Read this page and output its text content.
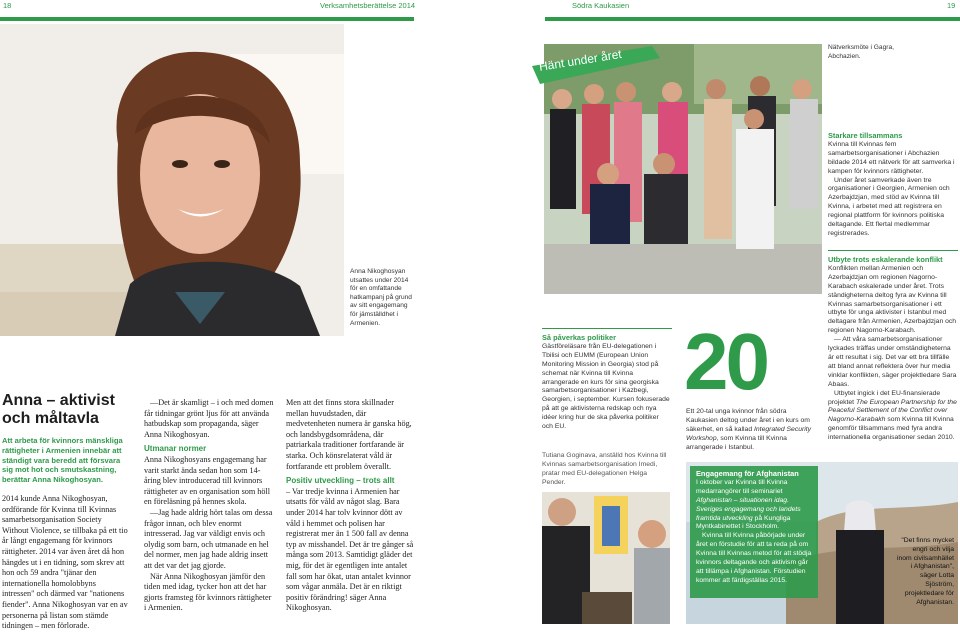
18	Verksamhetsberättelse 2014	Södra Kaukasien	19
Anna Nikoghosyan utsattes under 2014 för en omfattande hatkampanj på grund av sitt engagemang för jämställdhet i Armenien.
Anna – aktivist
och måltavla
Att arbeta för kvinnors mänskliga rättigheter i Armenien innebär att ständigt vara beredd att försvara sig mot hot och smutskastning, berättar Anna Nikoghosyan.

2014 kunde Anna Nikoghosyan, ordförande för Kvinna till Kvinnas samarbetsorganisation Society Without Violence, se tillbaka på ett tio år långt engagemang för kvinnors rättigheter. 2014 var även året då hon hängdes ut i en tidning, som skrev att hon och 59 andra "tjänar den internationella homolobbyns intressen" och därmed var "nationens fiender". Anna Nikoghosyan var en av personerna på listan som stämde tidningen – men förlorade.

—Det är skamligt – i och med domen får tidningar grönt ljus för att använda hatbudskap som propaganda, säger Anna Nikoghosyan.

Utmanar normer

Anna Nikoghosyans engagemang har varit starkt ända sedan hon som 14-åring blev introducerad till kvinnors rättigheter av en organisation som höll en föreläsning på hennes skola.

—Jag hade aldrig hört talas om dessa frågor innan, och blev enormt intresserad. Jag var väldigt envis och olydig som barn, och utmanade en hel del normer, men jag hade aldrig insett att det var det jag gjorde.

När Anna Nikoghosyan jämför den tiden med idag, tycker hon att det har gjorts framsteg för kvinnors rättigheter i Armenien.

Men att det finns stora skillnader mellan huvudstaden, där medvetenheten numera är ganska hög, och landsbygdsområdena, där patriarkala traditioner fortfarande är starka. Och könsrelaterat våld är fortfarande ett problem överallt.

Positiv utveckling – trots allt

– Var tredje kvinna i Armenien har utsatts för våld av något slag. Bara under 2014 har tolv kvinnor dött av våld i hemmet och polisen har registrerat mer än 1 500 fall av denna typ av misshandel. Det är tre gånger så många som 2013. Samtidigt gläder det mig, för det är egentligen inte antalet fall som har ökat, utan antalet kvinnor som vågar anmäla. Det är en riktigt positiv förändring! säger Anna Nikoghosyan.

Hänt under året	Nätverksmöte i Gagra, Abchazien.
Starkare tillsammans
Kvinna till Kvinnas fem samarbetsorganisationer i Abchazien bildade 2014 ett nätverk för att samverka i kampen för kvinnors rättigheter.
Under året samverkade även tre organisationer i Georgien, Armenien och Azerbajdzjan, med stöd av Kvinna till Kvinna, i arbetet med att registrera en regional plattform för kvinnors politiska deltagande. Ett flertal medlemmar registrerades.
Utbyte trots eskalerande konflikt
Konflikten mellan Armenien och Azerbajdzjan om regionen Nagorno-Karabach eskalerade under året. Trots ständigheterna deltog fyra av Kvinna till Kvinnas samarbetsorganisationer i ett utbyte för unga aktivister i Istanbul med deltagare från Armenien, Azerbajdzjan och regionen Nagorno-Karabach.
— Att våra samarbetsorganisationer lyckades träffas under omständigheterna är ett resultat i sig. Det var ett bra tillfälle att bland annat reflektera över hur media vinklar konflikten, säger projektledare Sara Abaas.
Utbytet ingick i det EU-finansierade projektet The European Partnership for the Peaceful Settlement of the Conflict over Nagorno-Karabakh som Kvinna till Kvinna genomför tillsammans med fyra andra internationella organisationer sedan 2010.
Så påverkas politiker
Gästföreläsare från EU-delegationen i Tbilisi och EUMM (European Union Monitoring Mission in Georgia) stod på schemat när Kvinna till Kvinna arrangerade en kurs för sina georgiska samarbetsorganisationer i Kazbegi, Georgien, i september. Kursen fokuserade på att ge aktivisterna redskap och nya idéer kring hur de ska påverka politiker och EU.
Tutiana Goginava, anställd hos Kvinna till Kvinnas samarbetsorganisation Imedi, pratar med EU-delegationen Helga Pender.
20
Ett 20-tal unga kvinnor från södra Kaukasien deltog under året i en kurs om säkerhet, en så kallad Integrated Security Workshop, som Kvinna till Kvinna arrangerade i Istanbul.
Engagemang för Afghanistan
I oktober var Kvinna till Kvinna medarrangörer till seminariet Afghanistan – situationen idag. Sveriges engagemang och landets framtida utveckling på Kungliga Myntkabinettet i Stockholm.
Kvinna till Kvinna påbörjade under året en förstudie för att ta reda på om Kvinna till Kvinnas metod för att stödja kvinnors deltagande och aktivism går att tillämpa i Afghanistan. Förstudien kommer att färdigställas 2015.
"Det finns mycket engri och vilja inom civilsamhället i Afghanistan", säger Lotta Sjöström, projektledare för Afghanistan.
